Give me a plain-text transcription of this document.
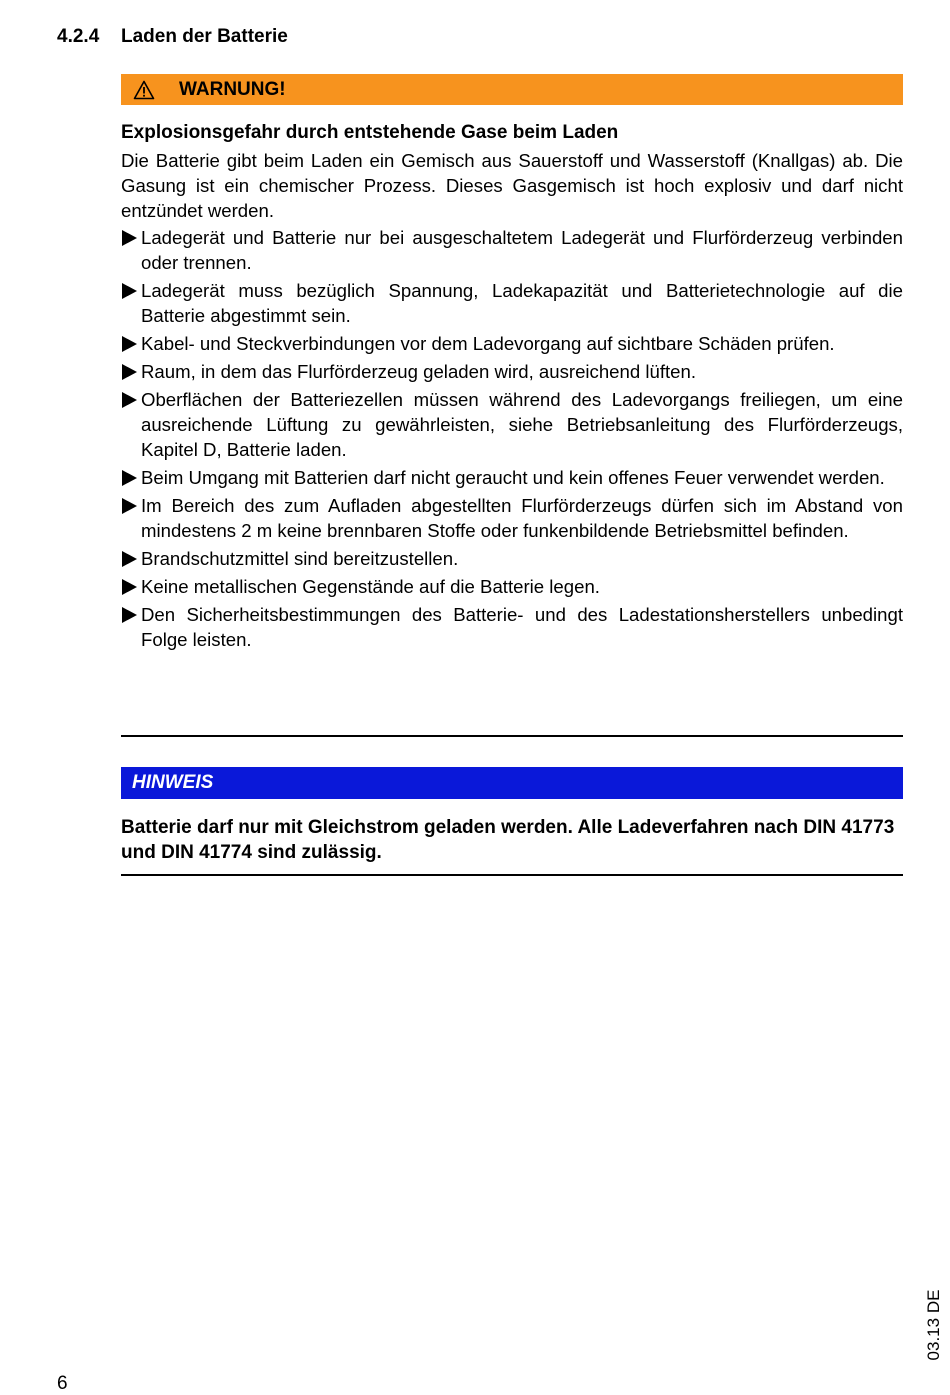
4.2.4 Laden der Batterie
WARNUNG!
Explosionsgefahr durch entstehende Gase beim Laden
Die Batterie gibt beim Laden ein Gemisch aus Sauerstoff und Wasserstoff (Knallgas) ab. Die Gasung ist ein chemischer Prozess. Dieses Gasgemisch ist hoch explosiv und darf nicht entzündet werden.
Ladegerät und Batterie nur bei ausgeschaltetem Ladegerät und Flurförderzeug verbinden oder trennen.
Ladegerät muss bezüglich Spannung, Ladekapazität und Batterietechnologie auf die Batterie abgestimmt sein.
Kabel- und Steckverbindungen vor dem Ladevorgang auf sichtbare Schäden prüfen.
Raum, in dem das Flurförderzeug geladen wird, ausreichend lüften.
Oberflächen der Batteriezellen müssen während des Ladevorgangs freiliegen, um eine ausreichende Lüftung zu gewährleisten, siehe Betriebsanleitung des Flurförderzeugs, Kapitel D, Batterie laden.
Beim Umgang mit Batterien darf nicht geraucht und kein offenes Feuer verwendet werden.
Im Bereich des zum Aufladen abgestellten Flurförderzeugs dürfen sich im Abstand von mindestens 2 m keine brennbaren Stoffe oder funkenbildende Betriebsmittel befinden.
Brandschutzmittel sind bereitzustellen.
Keine metallischen Gegenstände auf die Batterie legen.
Den Sicherheitsbestimmungen des Batterie- und des Ladestationsherstellers unbedingt Folge leisten.
HINWEIS
Batterie darf nur mit Gleichstrom geladen werden. Alle Ladeverfahren nach DIN 41773 und DIN 41774 sind zulässig.
6
03.13 DE
